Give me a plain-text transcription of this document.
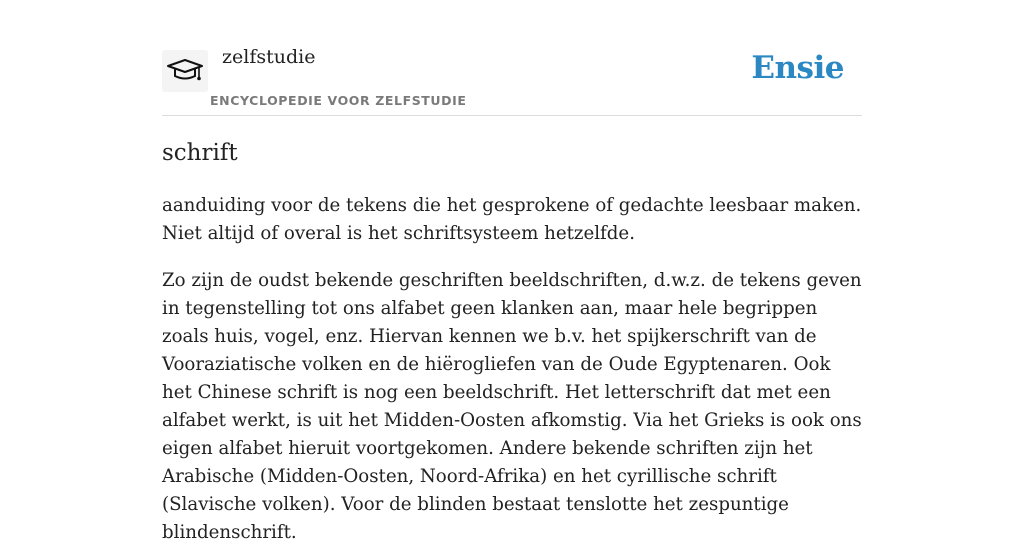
zelfstudie
ENCYCLOPEDIE VOOR ZELFSTUDIE
Ensie
schrift

aanduiding voor de tekens die het gesprokene of gedachte leesbaar maken. Niet altijd of overal is het schriftsysteem hetzelfde.

Zo zijn de oudst bekende geschriften beeldschriften, d.w.z. de tekens geven in tegenstelling tot ons alfabet geen klanken aan, maar hele begrippen zoals huis, vogel, enz. Hiervan kennen we b.v. het spijkerschrift van de Vooraziatische volken en de hiërogliefen van de Oude Egyptenaren. Ook het Chinese schrift is nog een beeldschrift. Het letterschrift dat met een alfabet werkt, is uit het Midden-Oosten afkomstig. Via het Grieks is ook ons eigen alfabet hieruit voortgekomen. Andere bekende schriften zijn het Arabische (Midden-Oosten, Noord-Afrika) en het cyrillische schrift (Slavische volken). Voor de blinden bestaat tenslotte het zespuntige blindenschrift.
